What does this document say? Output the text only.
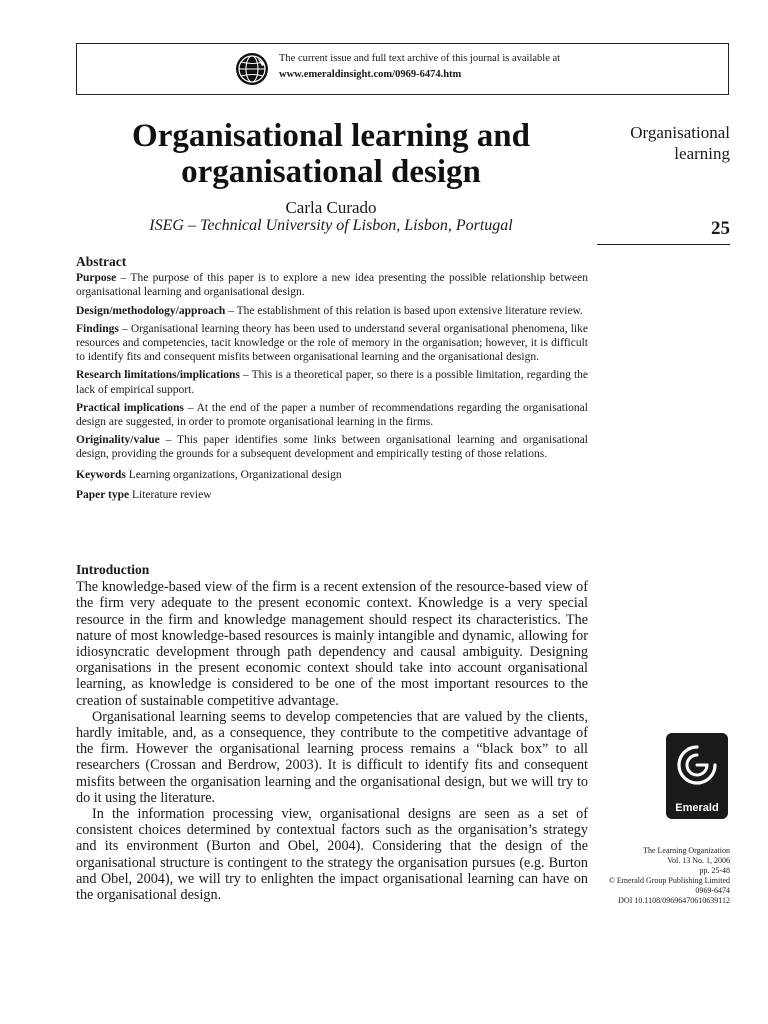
The current issue and full text archive of this journal is available at
www.emeraldinsight.com/0969-6474.htm
Organisational learning and organisational design
Carla Curado
ISEG – Technical University of Lisbon, Lisbon, Portugal
Organisational learning
25
Abstract

Purpose – The purpose of this paper is to explore a new idea presenting the possible relationship between organisational learning and organisational design.

Design/methodology/approach – The establishment of this relation is based upon extensive literature review.

Findings – Organisational learning theory has been used to understand several organisational phenomena, like resources and competencies, tacit knowledge or the role of memory in the organisation; however, it is difficult to identify fits and consequent misfits between organisational learning and the organisational design.

Research limitations/implications – This is a theoretical paper, so there is a possible limitation, regarding the lack of empirical support.

Practical implications – At the end of the paper a number of recommendations regarding the organisational design are suggested, in order to promote organisational learning in the firms.

Originality/value – This paper identifies some links between organisational learning and organisational design, providing the grounds for a subsequent development and empirically testing of those relations.

Keywords Learning organizations, Organizational design

Paper type Literature review

Introduction

The knowledge-based view of the firm is a recent extension of the resource-based view of the firm very adequate to the present economic context. Knowledge is a very special resource in the firm and knowledge management should respect its characteristics. The nature of most knowledge-based resources is mainly intangible and dynamic, allowing for idiosyncratic development through path dependency and causal ambiguity. Designing organisations in the present economic context should take into account organisational learning, as knowledge is considered to be one of the most important resources to the creation of sustainable competitive advantage.

Organisational learning seems to develop competencies that are valued by the clients, hardly imitable, and, as a consequence, they contribute to the competitive advantage of the firm. However the organisational learning process remains a “black box” to all researchers (Crossan and Berdrow, 2003). It is difficult to identify fits and consequent misfits between the organisation learning and the organisational design, but we will try to do it using the literature.

In the information processing view, organisational designs are seen as a set of consistent choices determined by contextual factors such as the organisation’s strategy and its environment (Burton and Obel, 2004). Considering that the design of the organisational structure is contingent to the strategy the organisation pursues (e.g. Burton and Obel, 2004), we will try to enlighten the impact organisational learning can have on the organisational design.

Emerald
The Learning Organization
Vol. 13 No. 1, 2006
pp. 25-48
© Emerald Group Publishing Limited
0969-6474
DOI 10.1108/09696470610639112
